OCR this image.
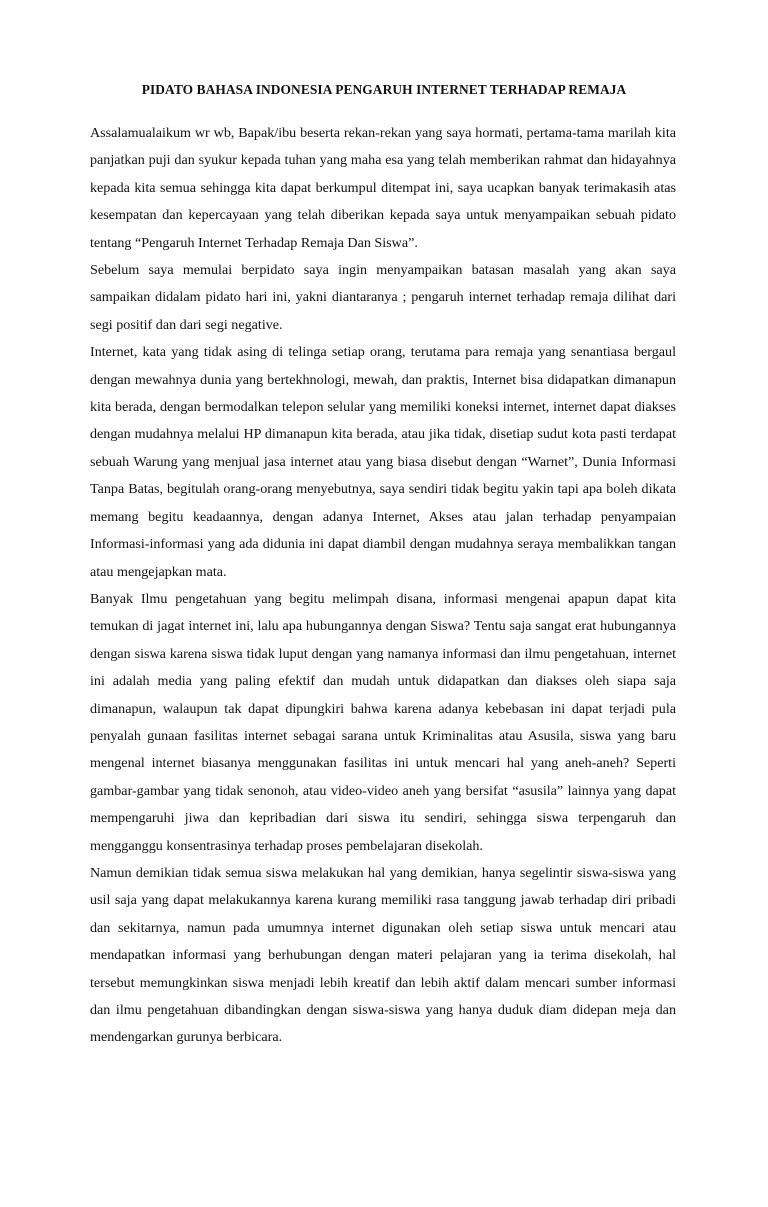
PIDATO BAHASA INDONESIA PENGARUH INTERNET TERHADAP REMAJA

Assalamualaikum wr wb, Bapak/ibu beserta rekan-rekan yang saya hormati, pertama-tama marilah kita panjatkan puji dan syukur kepada tuhan yang maha esa yang telah memberikan rahmat dan hidayahnya kepada kita semua sehingga kita dapat berkumpul ditempat ini, saya ucapkan banyak terimakasih atas kesempatan dan kepercayaan yang telah diberikan kepada saya untuk menyampaikan sebuah pidato tentang “Pengaruh Internet Terhadap Remaja Dan Siswa”.

Sebelum saya memulai berpidato saya ingin menyampaikan batasan masalah yang akan saya sampaikan didalam pidato hari ini, yakni diantaranya ; pengaruh internet terhadap remaja dilihat dari segi positif dan dari segi negative.

Internet, kata yang tidak asing di telinga setiap orang, terutama para remaja yang senantiasa bergaul dengan mewahnya dunia yang bertekhnologi, mewah, dan praktis, Internet bisa didapatkan dimanapun kita berada, dengan bermodalkan telepon selular yang memiliki koneksi internet, internet dapat diakses dengan mudahnya melalui HP dimanapun kita berada, atau jika tidak, disetiap sudut kota pasti terdapat sebuah Warung yang menjual jasa internet atau yang biasa disebut dengan “Warnet”, Dunia Informasi Tanpa Batas, begitulah orang-orang menyebutnya, saya sendiri tidak begitu yakin tapi apa boleh dikata memang begitu keadaannya, dengan adanya Internet, Akses atau jalan terhadap penyampaian Informasi-informasi yang ada didunia ini dapat diambil dengan mudahnya seraya membalikkan tangan atau mengejapkan mata.

Banyak Ilmu pengetahuan yang begitu melimpah disana, informasi mengenai apapun dapat kita temukan di jagat internet ini, lalu apa hubungannya dengan Siswa? Tentu saja sangat erat hubungannya dengan siswa karena siswa tidak luput dengan yang namanya informasi dan ilmu pengetahuan, internet ini adalah media yang paling efektif dan mudah untuk didapatkan dan diakses oleh siapa saja dimanapun, walaupun tak dapat dipungkiri bahwa karena adanya kebebasan ini dapat terjadi pula penyalah gunaan fasilitas internet sebagai sarana untuk Kriminalitas atau Asusila, siswa yang baru mengenal internet biasanya menggunakan fasilitas ini untuk mencari hal yang aneh-aneh? Seperti gambar-gambar yang tidak senonoh, atau video-video aneh yang bersifat “asusila” lainnya yang dapat mempengaruhi jiwa dan kepribadian dari siswa itu sendiri, sehingga siswa terpengaruh dan mengganggu konsentrasinya terhadap proses pembelajaran disekolah.

Namun demikian tidak semua siswa melakukan hal yang demikian, hanya segelintir siswa-siswa yang usil saja yang dapat melakukannya karena kurang memiliki rasa tanggung jawab terhadap diri pribadi dan sekitarnya, namun pada umumnya internet digunakan oleh setiap siswa untuk mencari atau mendapatkan informasi yang berhubungan dengan materi pelajaran yang ia terima disekolah, hal tersebut memungkinkan siswa menjadi lebih kreatif dan lebih aktif dalam mencari sumber informasi dan ilmu pengetahuan dibandingkan dengan siswa-siswa yang hanya duduk diam didepan meja dan mendengarkan gurunya berbicara.
